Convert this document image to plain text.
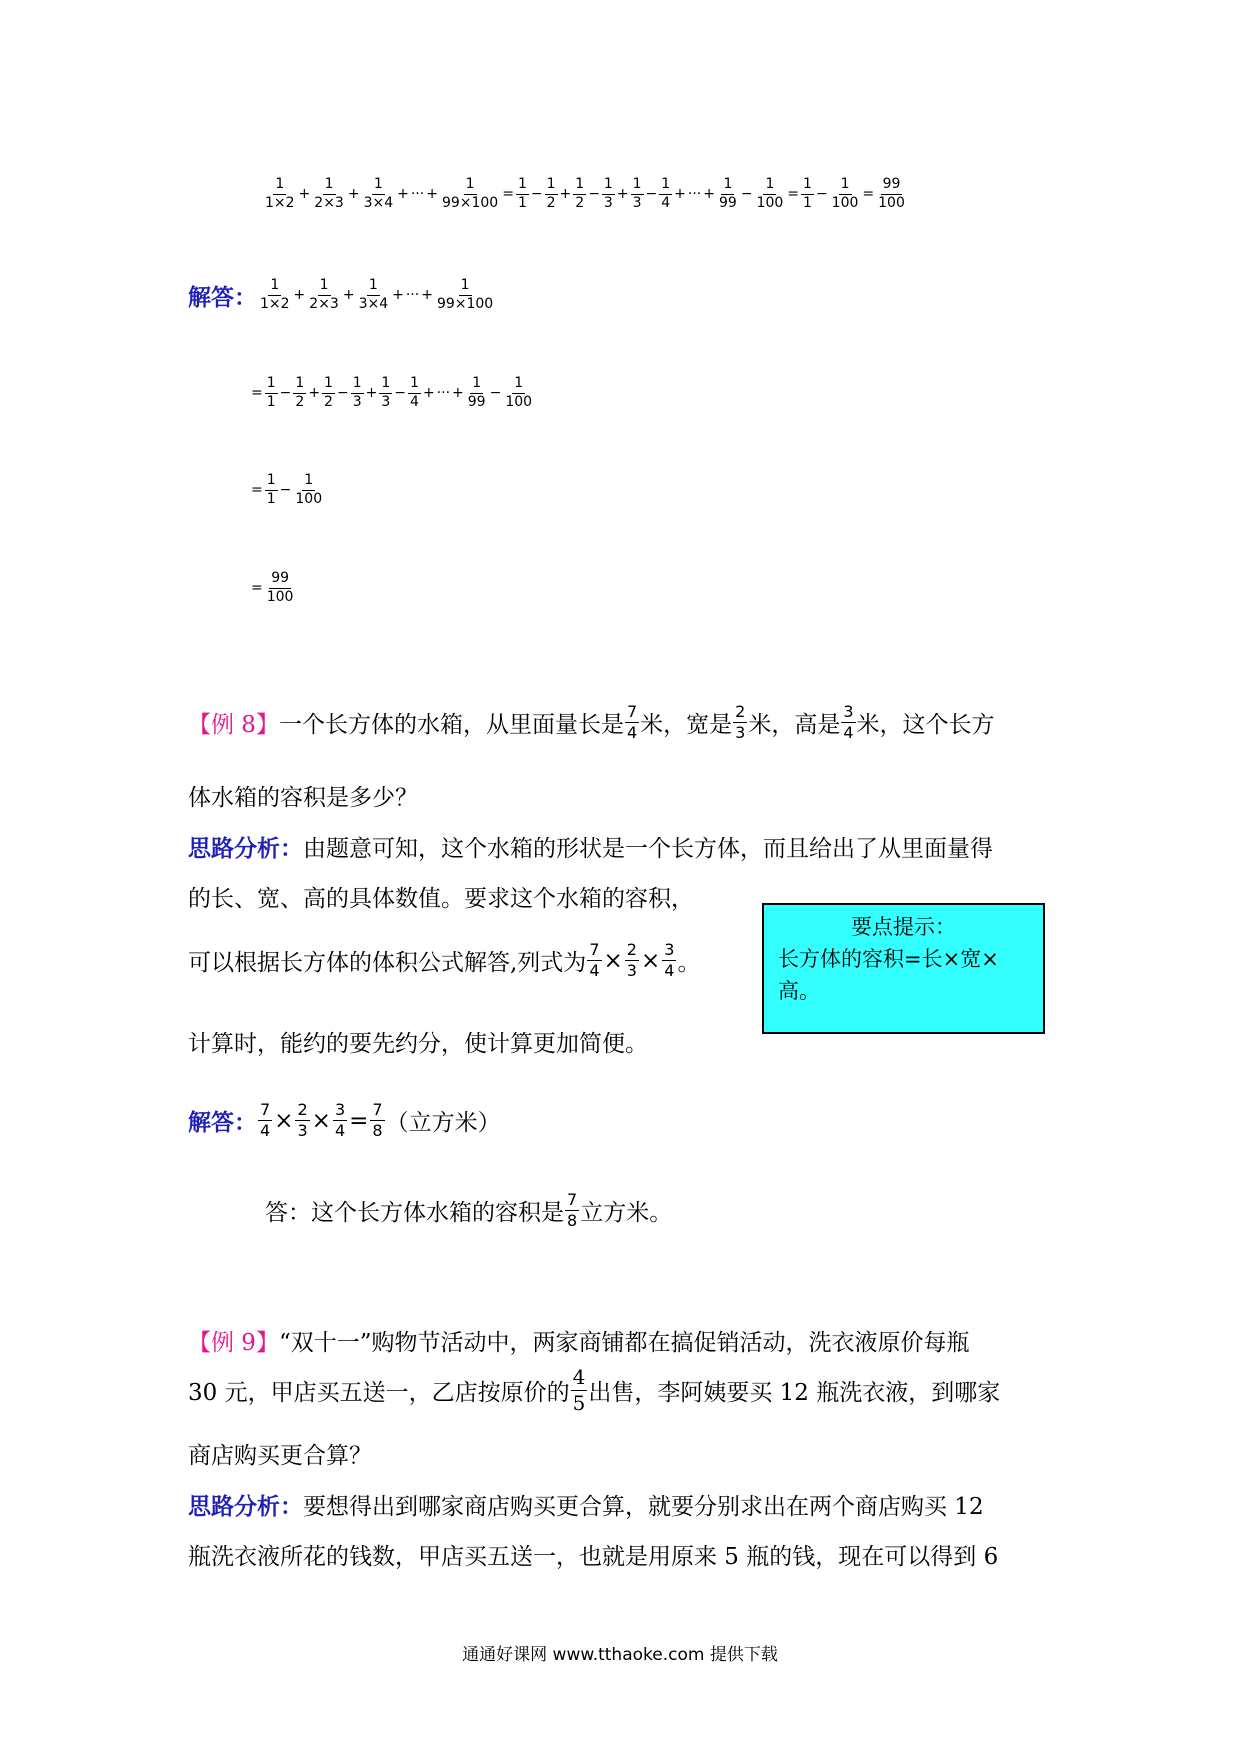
$\frac{1}{1\times 2} + \frac{1}{2\times 3} + \frac{1}{3\times 4}$ + ··· + $\frac{1}{99\times 100} = \frac{1}{1} - \frac{1}{2} + \frac{1}{2} - \frac{1}{3} + \frac{1}{3} - \frac{1}{4}$ + ··· + $\frac{1}{99} - \frac{1}{100} = \frac{1}{1} - \frac{1}{100} = \frac{99}{100}$
解答： $\frac{1}{1\times 2} + \frac{1}{2\times 3} + \frac{1}{3\times 4}$ + ··· + $\frac{1}{99\times 100}$
= $\frac{1}{1} - \frac{1}{2} + \frac{1}{2} - \frac{1}{3} + \frac{1}{3} - \frac{1}{4}$ + ··· + $\frac{1}{99} - \frac{1}{100}$
= $\frac{1}{1} - \frac{1}{100}$
= $\frac{99}{100}$
【例 8】 一个长方体的水箱，从里面量长是 $\frac{7}{4}$ 米，宽是 $\frac{2}{3}$ 米，高是 $\frac{3}{4}$ 米，这个长方
体水箱的容积是多少？
思路分析： 由题意可知，这个水箱的形状是一个长方体，而且给出了从里面量得
的长、宽、高的具体数值。要求这个水箱的容积，
可以根据长方体的体积公式解答,列式为 $\frac{7}{4} \times \frac{2}{3} \times \frac{3}{4}$ 。
计算时，能约的要先约分，使计算更加简便。
要点提示：
长方体的容积=长×宽×高。
解答： $\frac{7}{4} \times \frac{2}{3} \times \frac{3}{4} = \frac{7}{8}$ （立方米）
答：这个长方体水箱的容积是 $\frac{7}{8}$ 立方米。
【例 9】 “双十一”购物节活动中，两家商铺都在搞促销活动，洗衣液原价每瓶
30 元，甲店买五送一，乙店按原价的 $\frac{4}{5}$ 出售，李阿姨要买 12 瓶洗衣液，到哪家
商店购买更合算？
思路分析： 要想得出到哪家商店购买更合算，就要分别求出在两个商店购买 12
瓶洗衣液所花的钱数，甲店买五送一，也就是用原来 5 瓶的钱，现在可以得到 6
通通好课网 www.tthaoke.com 提供下载
